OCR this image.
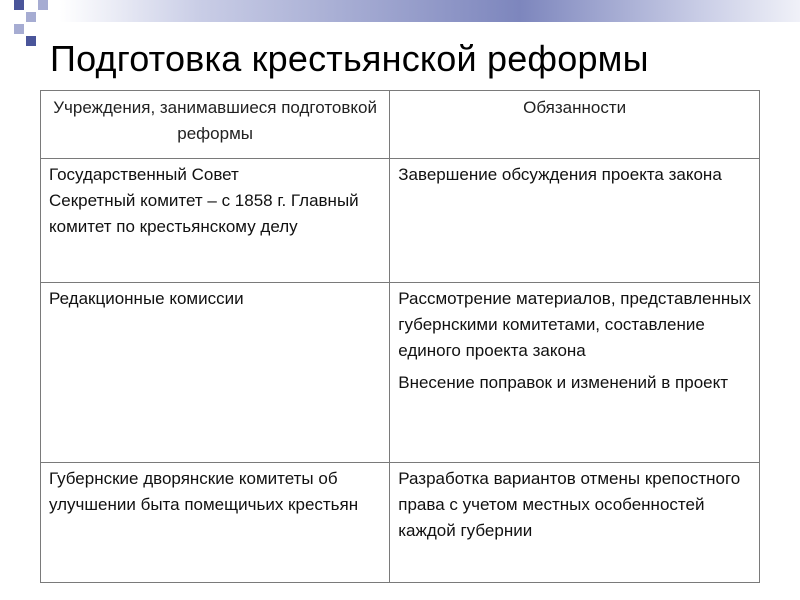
Подготовка крестьянской реформы
Учреждения, занимавшиеся подготовкой реформы	Обязанности

Государственный Совет
Секретный комитет – с 1858 г. Главный комитет по крестьянскому делу	Завершение обсуждения проекта закона

Редакционные комиссии	Рассмотрение материалов, представленных губернскими комитетами, составление единого проекта закона
Внесение поправок и изменений в проект

Губернские дворянские комитеты об улучшении быта помещичьих крестьян	Разработка вариантов отмены крепостного права с учетом местных особенностей каждой губернии
